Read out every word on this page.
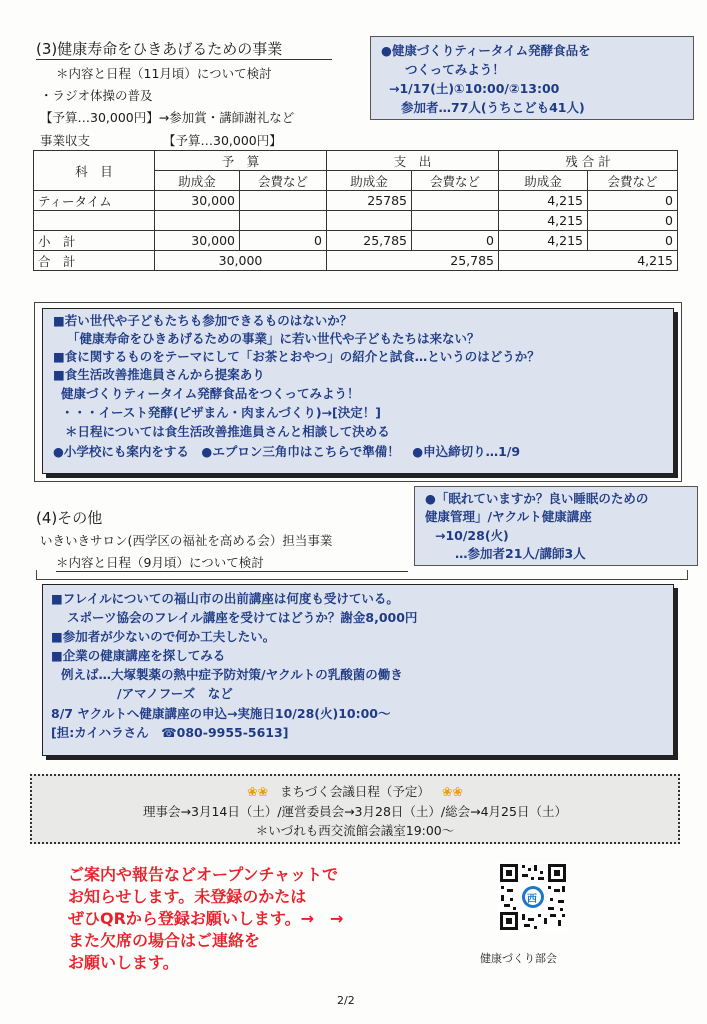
(3)健康寿命をひきあげるための事業
＊内容と日程（11月頃）について検討
・ラジオ体操の普及
【予算…30,000円】→参加賞・講師謝礼など
事業収支	【予算…30,000円】
●健康づくりティータイム発酵食品を
つくってみよう！
→1/17(土)①10:00/②13:00
参加者…77人(うちこども41人)
科　目	予　算		支　出		残 合 計	
	助成金	会費など	助成金	会費など	助成金	会費など
ティータイム	30,000		25785		4,215	0
					4,215	0
小　計	30,000	0	25,785	0	4,215	0
合　計	30,000		25,785		4,215	
■若い世代や子どもたちも参加できるものはないか？
「健康寿命をひきあげるための事業」に若い世代や子どもたちは来ない？
■食に関するものをテーマにして「お茶とおやつ」の紹介と試食…というのはどうか？
■食生活改善推進員さんから提案あり
健康づくりティータイム発酵食品をつくってみよう！
・・・イースト発酵(ピザまん・肉まんづくり)→[決定！]
＊日程については食生活改善推進員さんと相談して決める
●小学校にも案内をする　●エプロン三角巾はこちらで準備！　●申込締切り…1/9
(4)その他
いきいきサロン(西学区の福祉を高める会）担当事業
＊内容と日程（9月頃）について検討
●「眠れていますか？良い睡眠のための
健康管理」/ヤクルト健康講座
→10/28(火)
…参加者21人/講師3人
■フレイルについての福山市の出前講座は何度も受けている。
スポーツ協会のフレイル講座を受けてはどうか？謝金8,000円
■参加者が少ないので何か工夫したい。
■企業の健康講座を探してみる
例えば…大塚製薬の熱中症予防対策/ヤクルトの乳酸菌の働き
/アマノフーズ　など
8/7 ヤクルトへ健康講座の申込→実施日10/28(火)10:00～
[担:カイハラさん　☎080-9955-5613]
❀❀ まちづく会議日程（予定） ❀❀
理事会→3月14日（土）/運営委員会→3月28日（土）/総会→4月25日（土）
＊いづれも西交流館会議室19:00～
ご案内や報告などオープンチャットで
お知らせします。未登録のかたは
ぜひQRから登録お願いします。→　→
また欠席の場合はご連絡を
お願いします。
西
健康づくり部会
2/2
